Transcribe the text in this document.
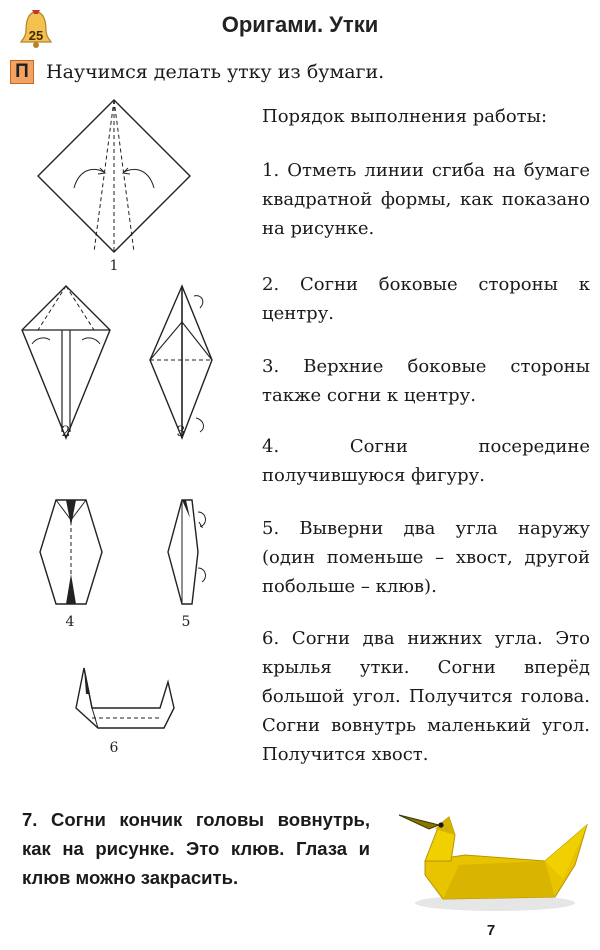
25	Оригами. Утки
П Научимся делать утку из бумаги.
Порядок выполнения работы:
1. Отметь линии сгиба на бумаге квадратной формы, как показано на рисунке.
2. Согни боковые стороны к центру.
3. Верхние боковые стороны также согни к центру.
4.	Согни посередине получившуюся фигуру.
5. Выверни два угла наружу (один поменьше – хвост, другой побольше – клюв).
6. Согни два нижних угла. Это крылья утки. Согни вперёд большой угол. Получится голова. Согни вовнутрь маленький угол. Получится хвост.
1
2	3
4	5
6
7. Согни кончик головы вовнутрь, как на рисунке. Это клюв. Глаза и клюв можно закрасить.
7
